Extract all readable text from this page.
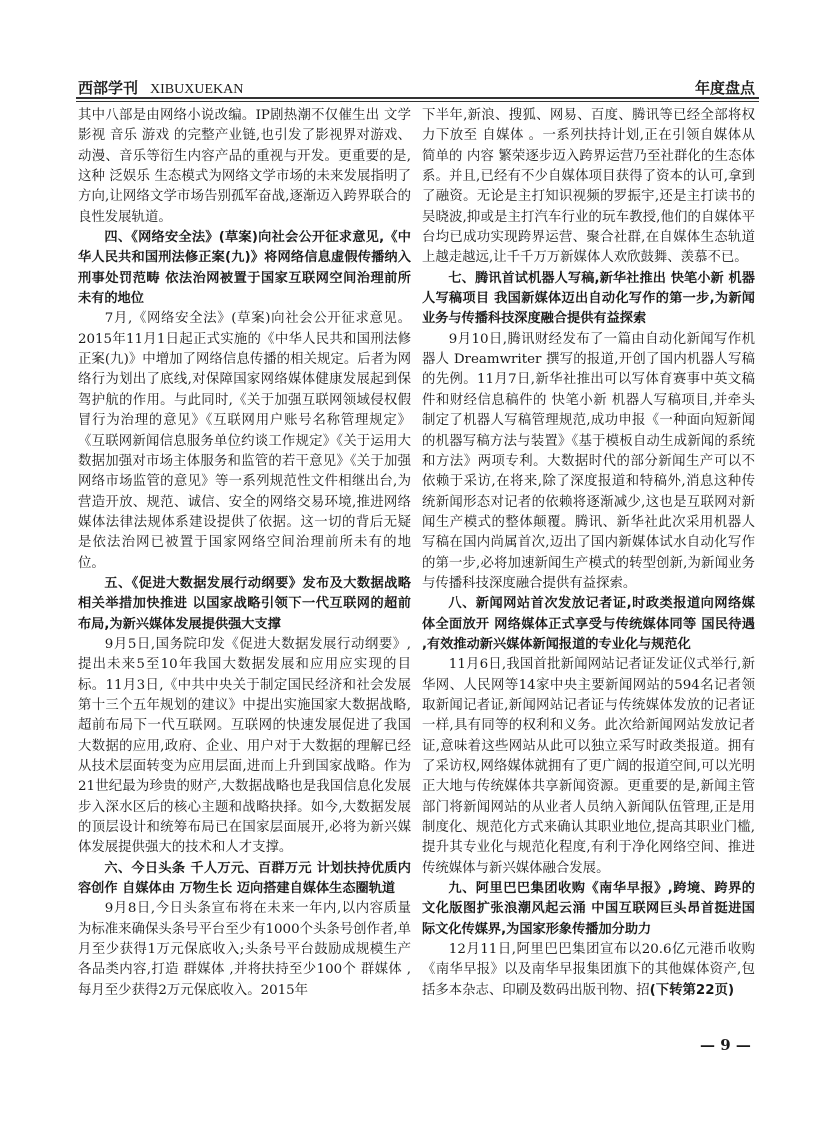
西部学刊 XIBUXUEKAN	年度盘点

其中八部是由网络小说改编。IP剧热潮不仅催生出 文学 影视 音乐 游戏 的完整产业链,也引发了影视界对游戏、动漫、音乐等衍生内容产品的重视与开发。更重要的是,这种 泛娱乐 生态模式为网络文学市场的未来发展指明了方向,让网络文学市场告别孤军奋战,逐渐迈入跨界联合的良性发展轨道。

四、《网络安全法》(草案)向社会公开征求意见,《中华人民共和国刑法修正案(九)》将网络信息虚假传播纳入刑事处罚范畴 依法治网被置于国家互联网空间治理前所未有的地位

7月,《网络安全法》(草案)向社会公开征求意见。2015年11月1日起正式实施的《中华人民共和国刑法修正案(九)》中增加了网络信息传播的相关规定。后者为网络行为划出了底线,对保障国家网络媒体健康发展起到保驾护航的作用。与此同时,《关于加强互联网领域侵权假冒行为治理的意见》《互联网用户账号名称管理规定》《互联网新闻信息服务单位约谈工作规定》《关于运用大数据加强对市场主体服务和监管的若干意见》《关于加强网络市场监管的意见》等一系列规范性文件相继出台,为营造开放、规范、诚信、安全的网络交易环境,推进网络媒体法律法规体系建设提供了依据。这一切的背后无疑是依法治网已被置于国家网络空间治理前所未有的地位。

五、《促进大数据发展行动纲要》发布及大数据战略相关举措加快推进 以国家战略引领下一代互联网的超前布局,为新兴媒体发展提供强大支撑

9月5日,国务院印发《促进大数据发展行动纲要》,提出未来5至10年我国大数据发展和应用应实现的目标。11月3日,《中共中央关于制定国民经济和社会发展第十三个五年规划的建议》中提出实施国家大数据战略,超前布局下一代互联网。互联网的快速发展促进了我国大数据的应用,政府、企业、用户对于大数据的理解已经从技术层面转变为应用层面,进而上升到国家战略。作为21世纪最为珍贵的财产,大数据战略也是我国信息化发展步入深水区后的核心主题和战略抉择。如今,大数据发展的顶层设计和统筹布局已在国家层面展开,必将为新兴媒体发展提供强大的技术和人才支撑。

六、今日头条 千人万元、百群万元 计划扶持优质内容创作 自媒体由 万物生长 迈向搭建自媒体生态圈轨道

9月8日,今日头条宣布将在未来一年内,以内容质量为标准来确保头条号平台至少有1000个头条号创作者,单月至少获得1万元保底收入;头条号平台鼓励成规模生产各品类内容,打造 群媒体 ,并将扶持至少100个 群媒体 ,每月至少获得2万元保底收入。2015年

下半年,新浪、搜狐、网易、百度、腾讯等已经全部将权力下放至 自媒体 。一系列扶持计划,正在引领自媒体从简单的 内容 繁荣逐步迈入跨界运营乃至社群化的生态体系。并且,已经有不少自媒体项目获得了资本的认可,拿到了融资。无论是主打知识视频的罗振宇,还是主打读书的吴晓波,抑或是主打汽车行业的玩车教授,他们的自媒体平台均已成功实现跨界运营、聚合社群,在自媒体生态轨道上越走越远,让千千万万新媒体人欢欣鼓舞、羡慕不已。

七、腾讯首试机器人写稿,新华社推出 快笔小新 机器人写稿项目 我国新媒体迈出自动化写作的第一步,为新闻业务与传播科技深度融合提供有益探索

9月10日,腾讯财经发布了一篇由自动化新闻写作机器人 Dreamwriter 撰写的报道,开创了国内机器人写稿的先例。11月7日,新华社推出可以写体育赛事中英文稿件和财经信息稿件的 快笔小新 机器人写稿项目,并牵头制定了机器人写稿管理规范,成功申报《一种面向短新闻的机器写稿方法与装置》《基于模板自动生成新闻的系统和方法》两项专利。大数据时代的部分新闻生产可以不依赖于采访,在将来,除了深度报道和特稿外,消息这种传统新闻形态对记者的依赖将逐渐减少,这也是互联网对新闻生产模式的整体颠覆。腾讯、新华社此次采用机器人写稿在国内尚属首次,迈出了国内新媒体试水自动化写作的第一步,必将加速新闻生产模式的转型创新,为新闻业务与传播科技深度融合提供有益探索。

八、新闻网站首次发放记者证,时政类报道向网络媒体全面放开 网络媒体正式享受与传统媒体同等 国民待遇 ,有效推动新兴媒体新闻报道的专业化与规范化

11月6日,我国首批新闻网站记者证发证仪式举行,新华网、人民网等14家中央主要新闻网站的594名记者领取新闻记者证,新闻网站记者证与传统媒体发放的记者证一样,具有同等的权利和义务。此次给新闻网站发放记者证,意味着这些网站从此可以独立采写时政类报道。拥有了采访权,网络媒体就拥有了更广阔的报道空间,可以光明正大地与传统媒体共享新闻资源。更重要的是,新闻主管部门将新闻网站的从业者人员纳入新闻队伍管理,正是用制度化、规范化方式来确认其职业地位,提高其职业门槛,提升其专业化与规范化程度,有利于净化网络空间、推进传统媒体与新兴媒体融合发展。

九、阿里巴巴集团收购《南华早报》,跨境、跨界的文化版图扩张浪潮风起云涌 中国互联网巨头昂首挺进国际文化传媒界,为国家形象传播加分助力

12月11日,阿里巴巴集团宣布以20.6亿元港币收购《南华早报》以及南华早报集团旗下的其他媒体资产,包括多本杂志、印刷及数码出版刊物、招(下转第22页)

— 9 —
